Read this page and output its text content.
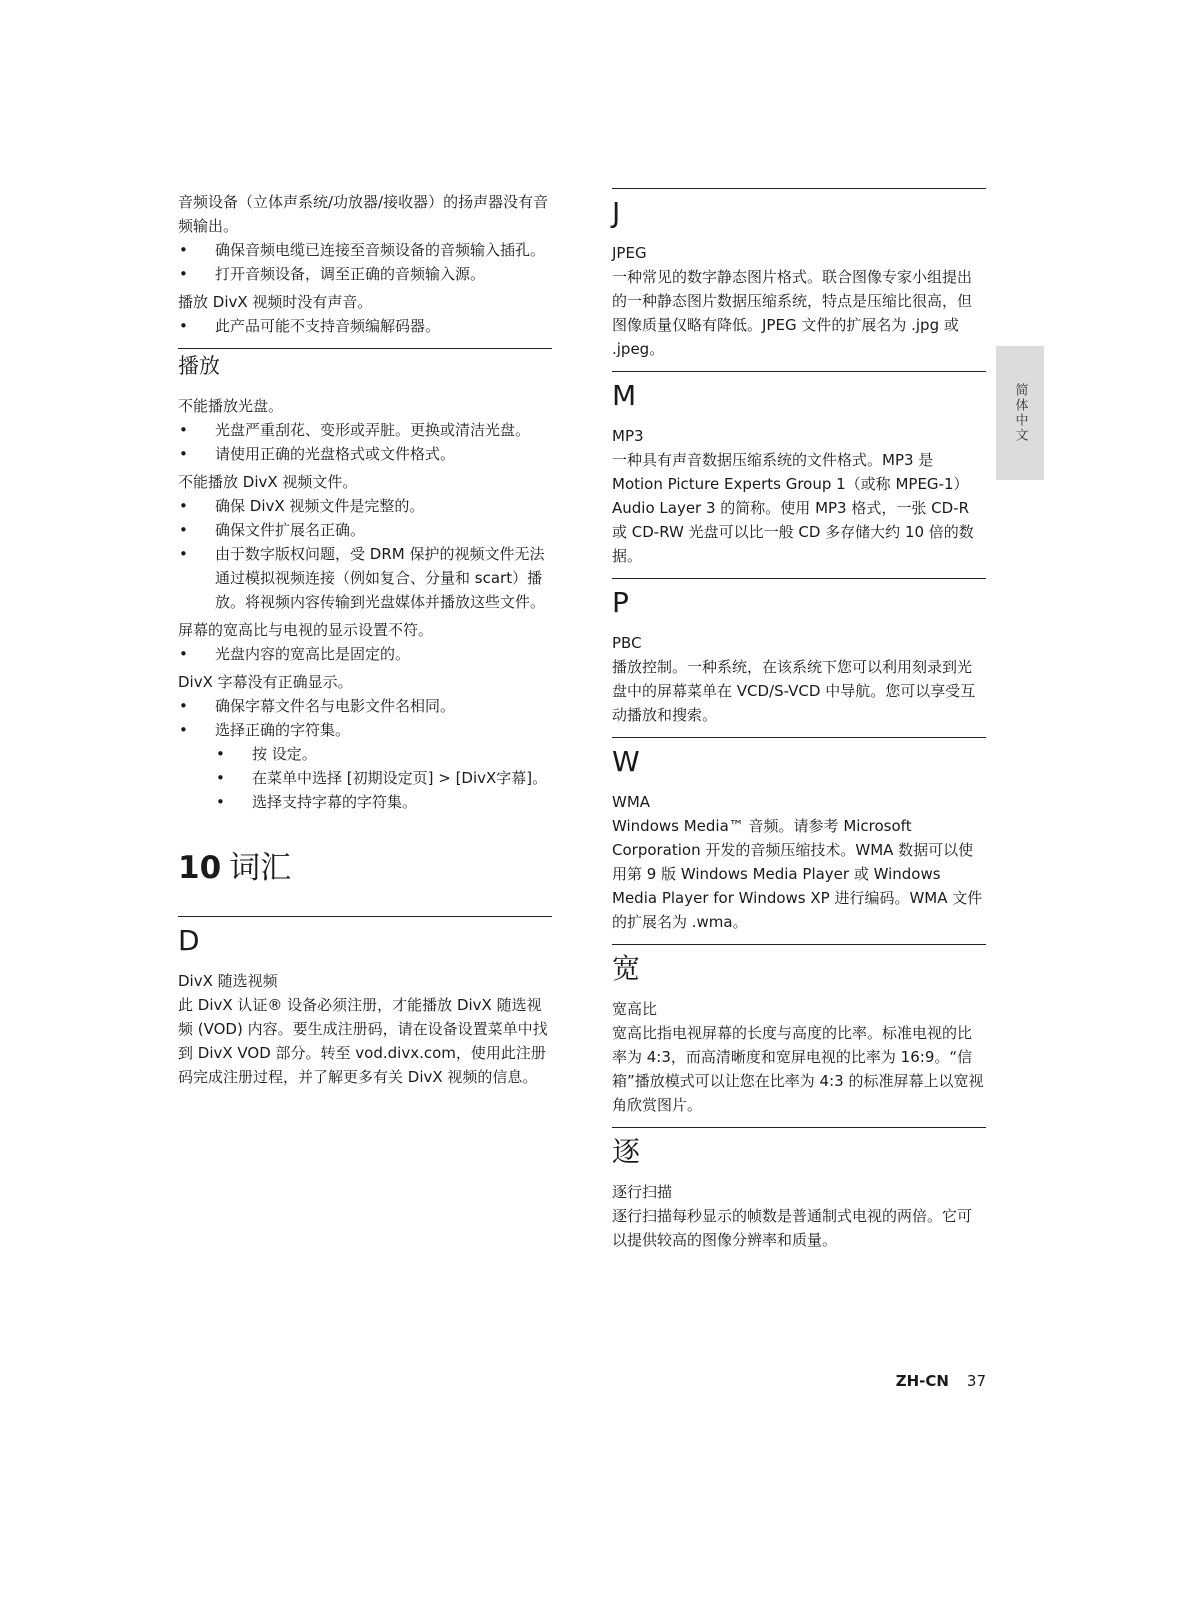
音频设备（立体声系统/功放器/接收器）的扬声器没有音频输出。

• 确保音频电缆已连接至音频设备的音频输入插孔。
• 打开音频设备，调至正确的音频输入源。

播放 DivX 视频时没有声音。

• 此产品可能不支持音频编解码器。
播放

不能播放光盘。

• 光盘严重刮花、变形或弄脏。更换或清洁光盘。
• 请使用正确的光盘格式或文件格式。

不能播放 DivX 视频文件。

• 确保 DivX 视频文件是完整的。
• 确保文件扩展名正确。
• 由于数字版权问题，受 DRM 保护的视频文件无法通过模拟视频连接（例如复合、分量和 scart）播放。将视频内容传输到光盘媒体并播放这些文件。

屏幕的宽高比与电视的显示设置不符。

• 光盘内容的宽高比是固定的。

DivX 字幕没有正确显示。

• 确保字幕文件名与电影文件名相同。
• 选择正确的字符集。
• 按 设定。
• 在菜单中选择 [初期设定页] > [DivX字幕]。
• 选择支持字幕的字符集。
10 词汇
D
DivX 随选视频

此 DivX 认证® 设备必须注册，才能播放 DivX 随选视频 (VOD) 内容。要生成注册码，请在设备设置菜单中找到 DivX VOD 部分。转至 vod.divx.com，使用此注册码完成注册过程，并了解更多有关 DivX 视频的信息。

J
JPEG

一种常见的数字静态图片格式。联合图像专家小组提出的一种静态图片数据压缩系统，特点是压缩比很高，但图像质量仅略有降低。JPEG 文件的扩展名为 .jpg 或 .jpeg。

M
MP3

一种具有声音数据压缩系统的文件格式。MP3 是 Motion Picture Experts Group 1（或称 MPEG-1）Audio Layer 3 的简称。使用 MP3 格式，一张 CD-R 或 CD-RW 光盘可以比一般 CD 多存储大约 10 倍的数据。

P
PBC

播放控制。一种系统，在该系统下您可以利用刻录到光盘中的屏幕菜单在 VCD/S-VCD 中导航。您可以享受互动播放和搜索。

W
WMA

Windows Media™ 音频。请参考 Microsoft Corporation 开发的音频压缩技术。WMA 数据可以使用第 9 版 Windows Media Player 或 Windows Media Player for Windows XP 进行编码。WMA 文件的扩展名为 .wma。

宽
宽高比

宽高比指电视屏幕的长度与高度的比率。标准电视的比率为 4:3，而高清晰度和宽屏电视的比率为 16:9。“信箱”播放模式可以让您在比率为 4:3 的标准屏幕上以宽视角欣赏图片。

逐
逐行扫描

逐行扫描每秒显示的帧数是普通制式电视的两倍。它可以提供较高的图像分辨率和质量。

简体中文
ZH-CN 37
